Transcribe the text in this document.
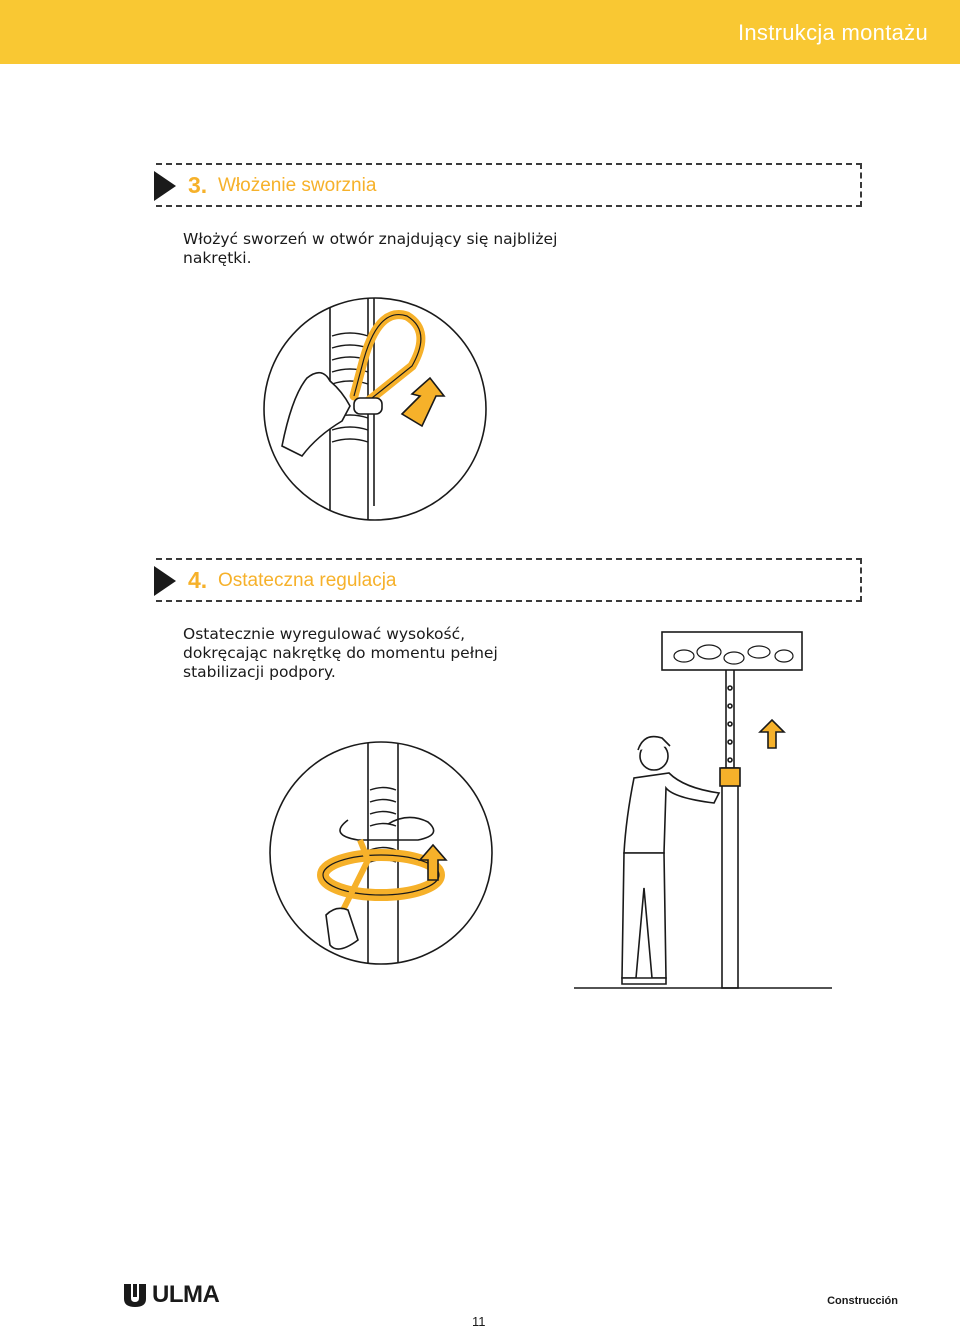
Instrukcja montażu
3. Włożenie sworznia
Włożyć sworzeń w otwór znajdujący się najbliżej
nakrętki.
4. Ostateczna regulacja
Ostatecznie wyregulować wysokość,
dokręcając nakrętkę do momentu pełnej
stabilizacji podpory.
ULMA	Construcción
11
